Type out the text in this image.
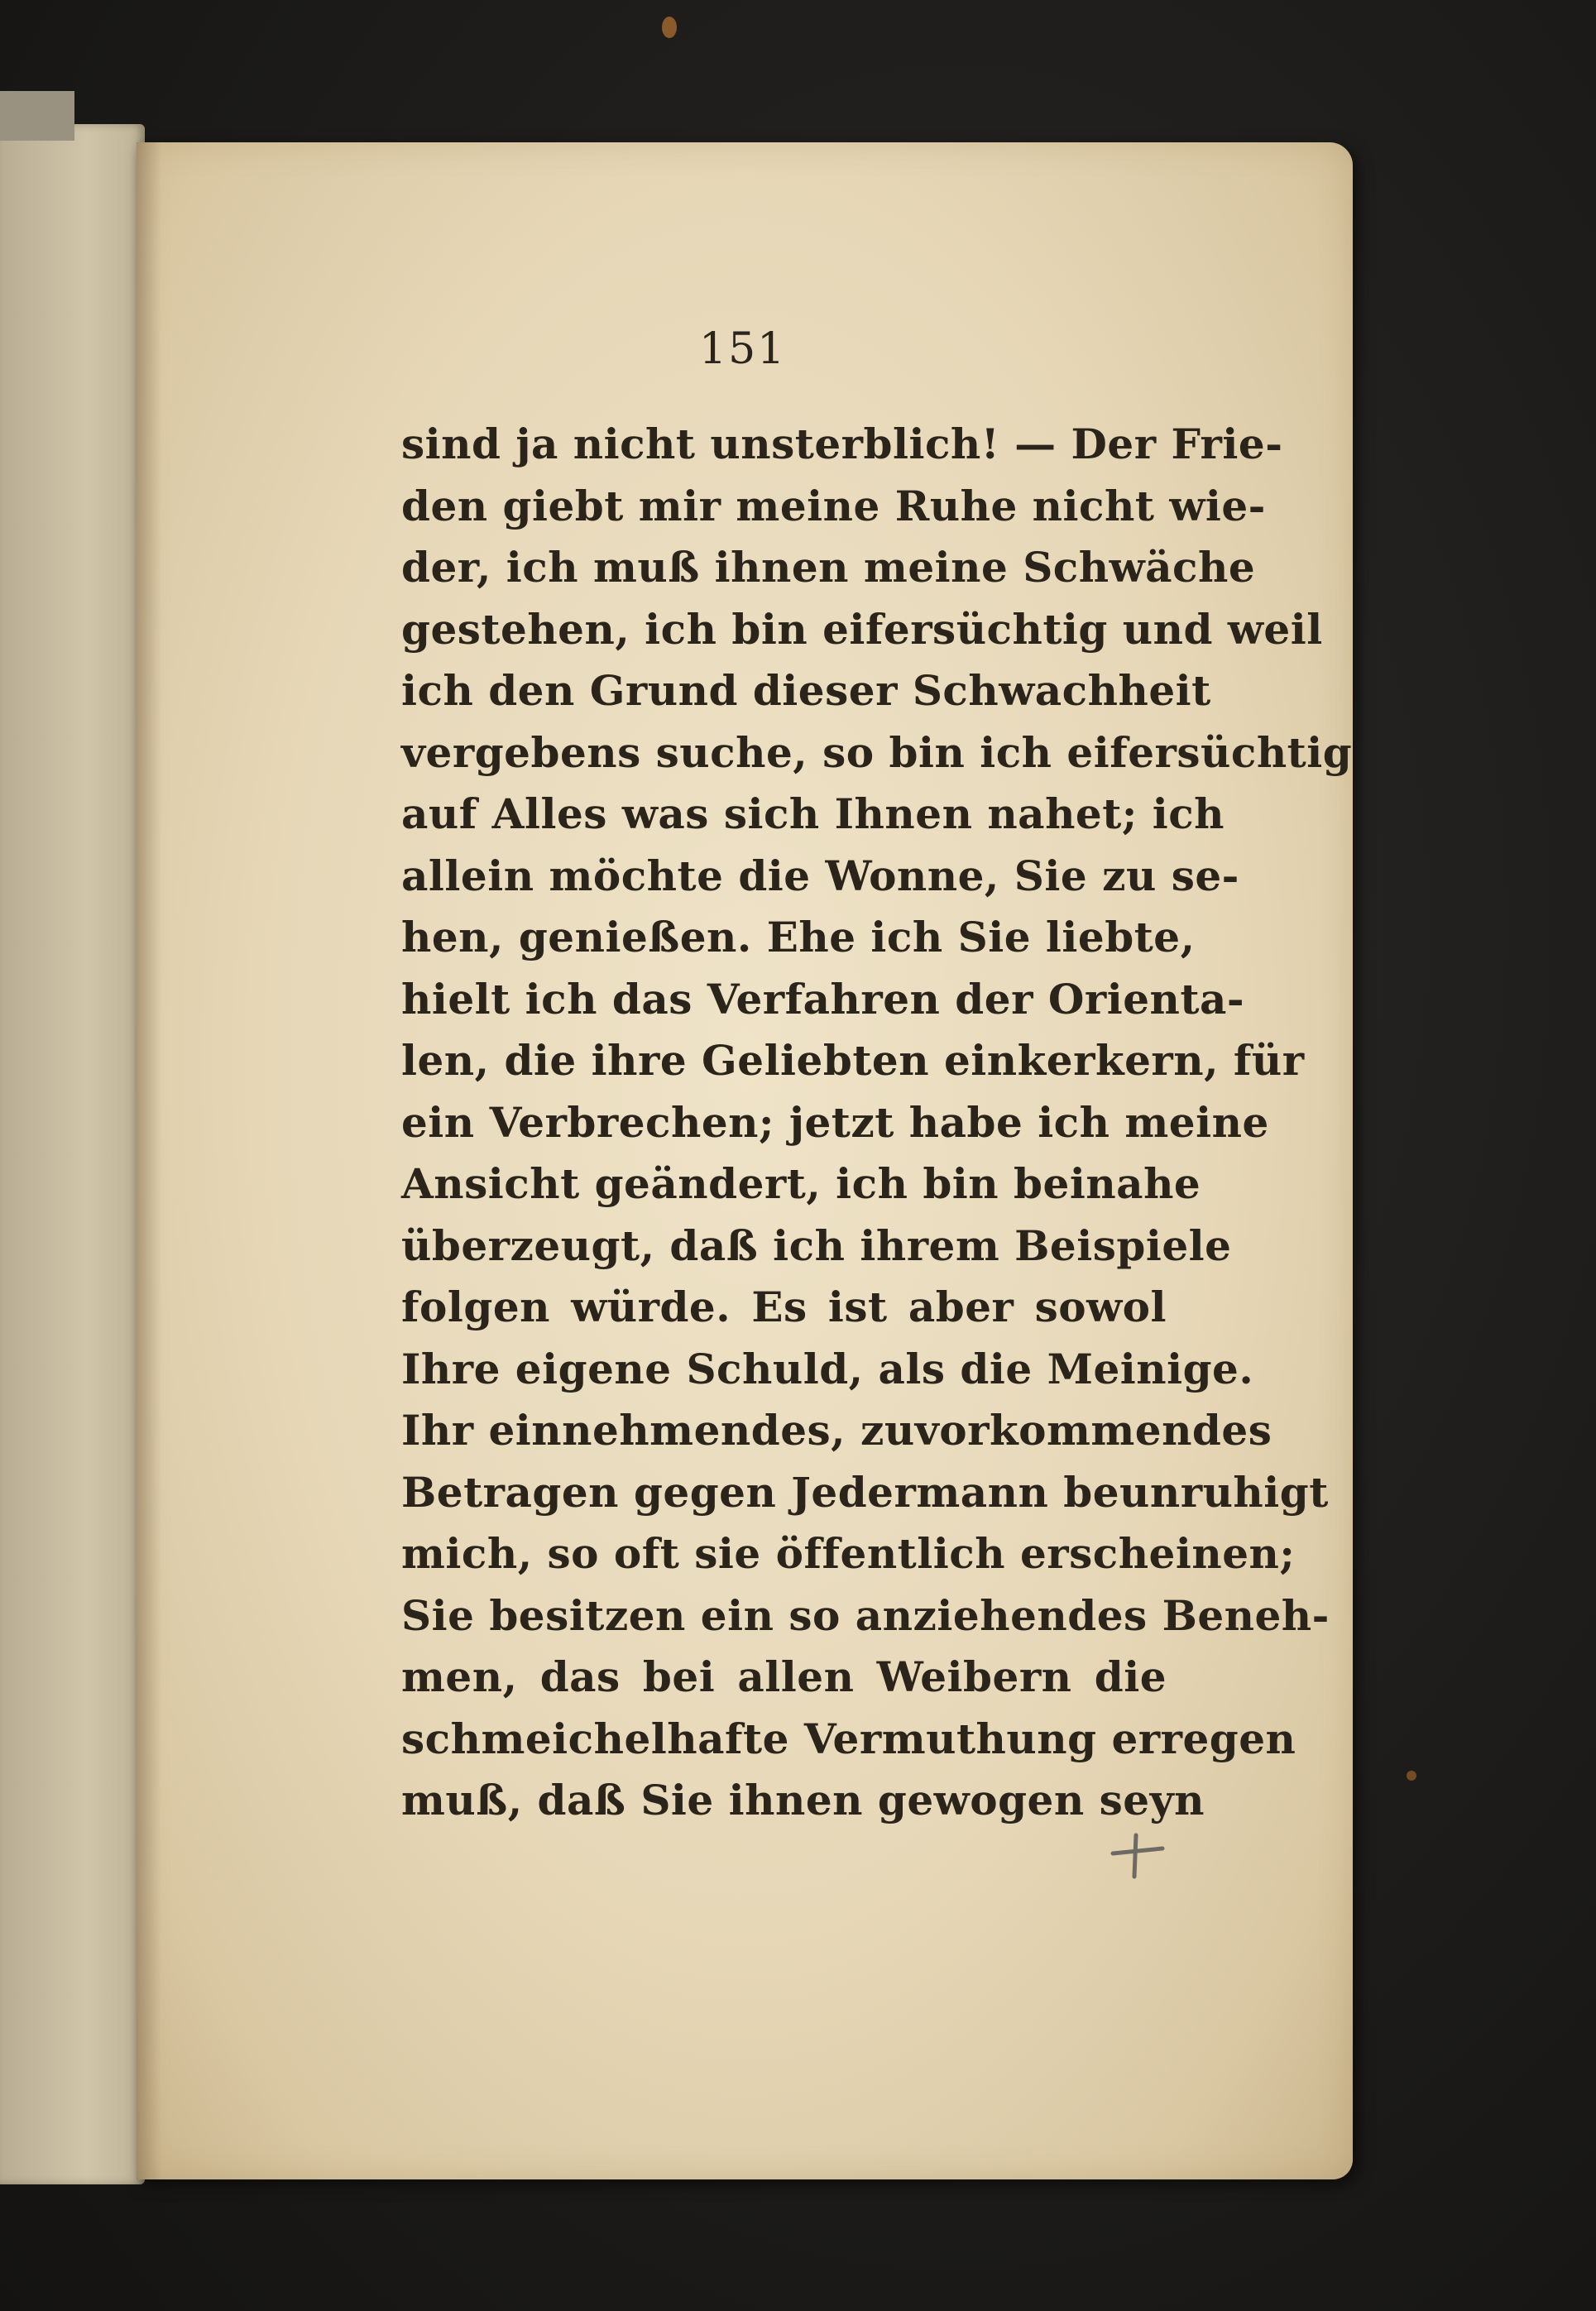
151
sind ja nicht unsterblich! — Der Frie-
den giebt mir meine Ruhe nicht wie-
der, ich muß ihnen meine Schwäche
gestehen, ich bin eifersüchtig und weil
ich den Grund dieser Schwachheit
vergebens suche, so bin ich eifersüchtig
auf Alles was sich Ihnen nahet; ich
allein möchte die Wonne, Sie zu se-
hen, genießen. Ehe ich Sie liebte,
hielt ich das Verfahren der Orienta-
len, die ihre Geliebten einkerkern, für
ein Verbrechen; jetzt habe ich meine
Ansicht geändert, ich bin beinahe
überzeugt, daß ich ihrem Beispiele
folgen würde. Es ist aber sowol
Ihre eigene Schuld, als die Meinige.
Ihr einnehmendes, zuvorkommendes
Betragen gegen Jedermann beunruhigt
mich, so oft sie öffentlich erscheinen;
Sie besitzen ein so anziehendes Beneh-
men, das bei allen Weibern die
schmeichelhafte Vermuthung erregen
muß, daß Sie ihnen gewogen seyn
